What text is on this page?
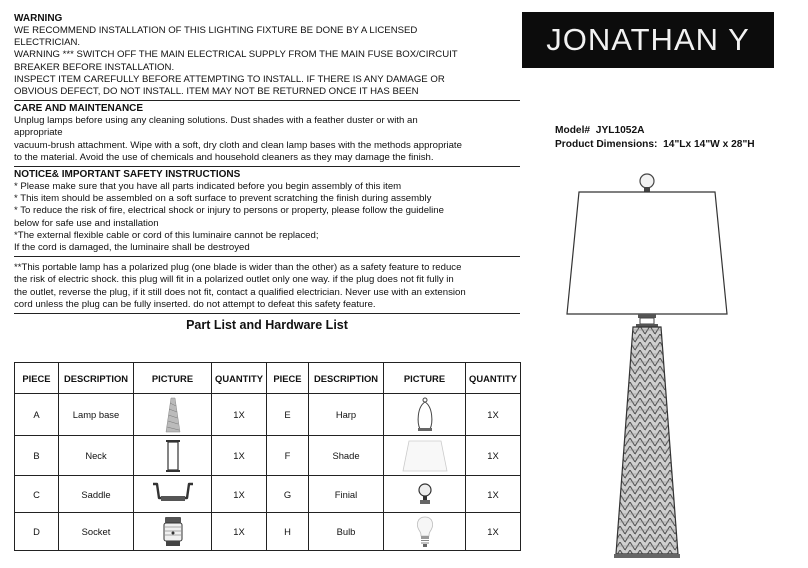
WARNING
WE RECOMMEND INSTALLATION OF THIS LIGHTING FIXTURE BE DONE BY A LICENSED
ELECTRICIAN.
WARNING *** SWITCH OFF THE MAIN ELECTRICAL SUPPLY FROM THE MAIN FUSE BOX/CIRCUIT
BREAKER BEFORE INSTALLATION.
INSPECT ITEM CAREFULLY BEFORE ATTEMPTING TO INSTALL. IF THERE IS ANY DAMAGE OR
OBVIOUS DEFECT, DO NOT INSTALL. ITEM MAY NOT BE RETURNED ONCE IT HAS BEEN
CARE AND MAINTENANCE
Unplug lamps before using any cleaning solutions. Dust shades with a feather duster or with an
appropriate
vacuum-brush attachment. Wipe with a soft, dry cloth and clean lamp bases with the methods appropriate
to the material. Avoid the use of chemicals and household cleaners as they may damage the finish.
NOTICE& IMPORTANT SAFETY INSTRUCTIONS
* Please make sure that you have all parts indicated before you begin assembly of this item
* This item should be assembled on a soft surface to prevent scratching the finish during assembly
* To reduce the risk of fire, electrical shock or injury to persons or property, please follow the guideline
below for safe use and installation
*The external flexible cable or cord of this luminaire cannot be replaced;
If the cord is damaged, the luminaire shall be destroyed
**This portable lamp has a polarized plug (one blade is wider than the other) as a safety feature to reduce
the risk of electric shock. this plug will fit in a polarized outlet only one way. if the plug does not fit fully in
the outlet, reverse the plug, if it still does not fit, contact a qualified electrician. Never use with an extension
cord unless the plug can be fully inserted. do not attempt to defeat this safety feature.
Part List and Hardware List
PIECE	DESCRIPTION	PICTURE	QUANTITY	PIECE	DESCRIPTION	PICTURE	QUANTITY
A	Lamp base		1X	E	Harp		1X
B	Neck		1X	F	Shade		1X
C	Saddle		1X	G	Finial		1X
D	Socket		1X	H	Bulb		1X
JONATHAN Y
Model# JYL1052A
Product Dimensions: 14"Lx 14"W x 28"H
